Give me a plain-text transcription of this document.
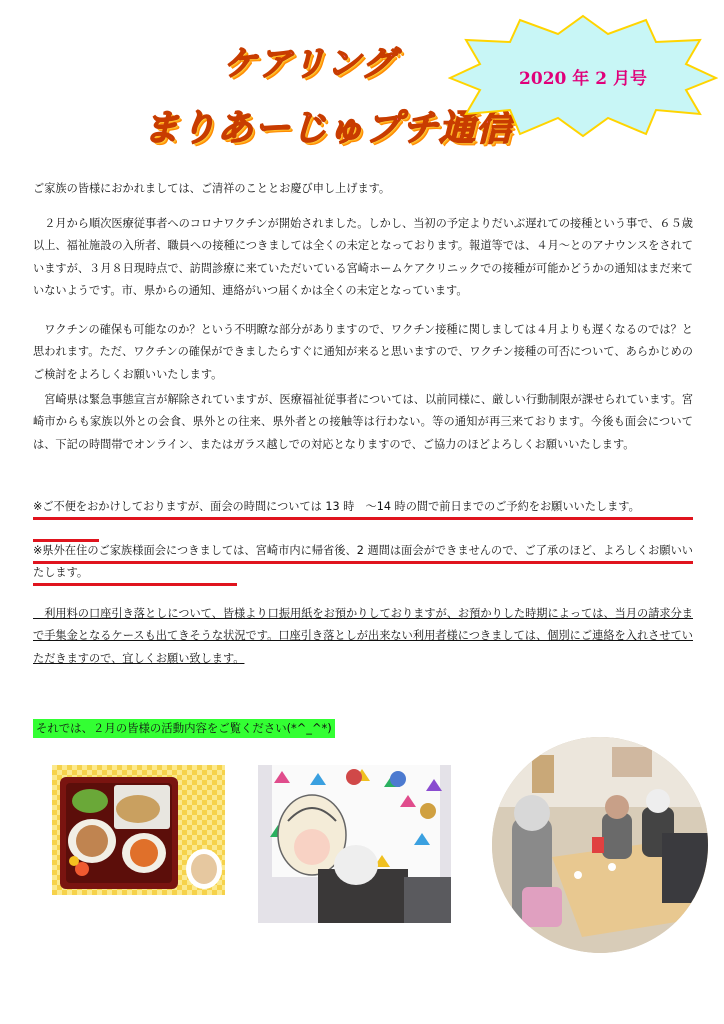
ケアリング
まりあーじゅプチ通信
2020 年 2 月号

ご家族の皆様におかれましては、ご清祥のこととお慶び申し上げます。

　２月から順次医療従事者へのコロナワクチンが開始されました。しかし、当初の予定よりだいぶ遅れての接種という事で、６５歳以上、福祉施設の入所者、職員への接種につきましては全くの未定となっております。報道等では、４月～とのアナウンスをされていますが、３月８日現時点で、訪問診療に来ていただいている宮崎ホームケアクリニックでの接種が可能かどうかの通知はまだ来ていないようです。市、県からの通知、連絡がいつ届くかは全くの未定となっています。

　ワクチンの確保も可能なのか？という不明瞭な部分がありますので、ワクチン接種に関しましては４月よりも遅くなるのでは？と思われます。ただ、ワクチンの確保ができましたらすぐに通知が来ると思いますので、ワクチン接種の可否について、あらかじめのご検討をよろしくお願いいたします。

　宮崎県は緊急事態宣言が解除されていますが、医療福祉従事者については、以前同様に、厳しい行動制限が課せられています。宮崎市からも家族以外との会食、県外との往来、県外者との接触等は行わない。等の通知が再三来ております。今後も面会については、下記の時間帯でオンライン、またはガラス越しでの対応となりますので、ご協力のほどよろしくお願いいたします。

※ご不便をおかけしておりますが、面会の時間については 13 時　～14 時の間で前日までのご予約をお願いいたします。

※県外在住のご家族様面会につきましては、宮崎市内に帰省後、2 週間は面会ができませんので、ご了承のほど、よろしくお願いいたします。

　利用料の口座引き落としについて、皆様より口振用紙をお預かりしておりますが、お預かりした時期によっては、当月の請求分まで手集金となるケースも出てきそうな状況です。口座引き落としが出来ない利用者様につきましては、個別にご連絡を入れさせていただきますので、宜しくお願い致します。

それでは、２月の皆様の活動内容をご覧ください(*^_^*)
